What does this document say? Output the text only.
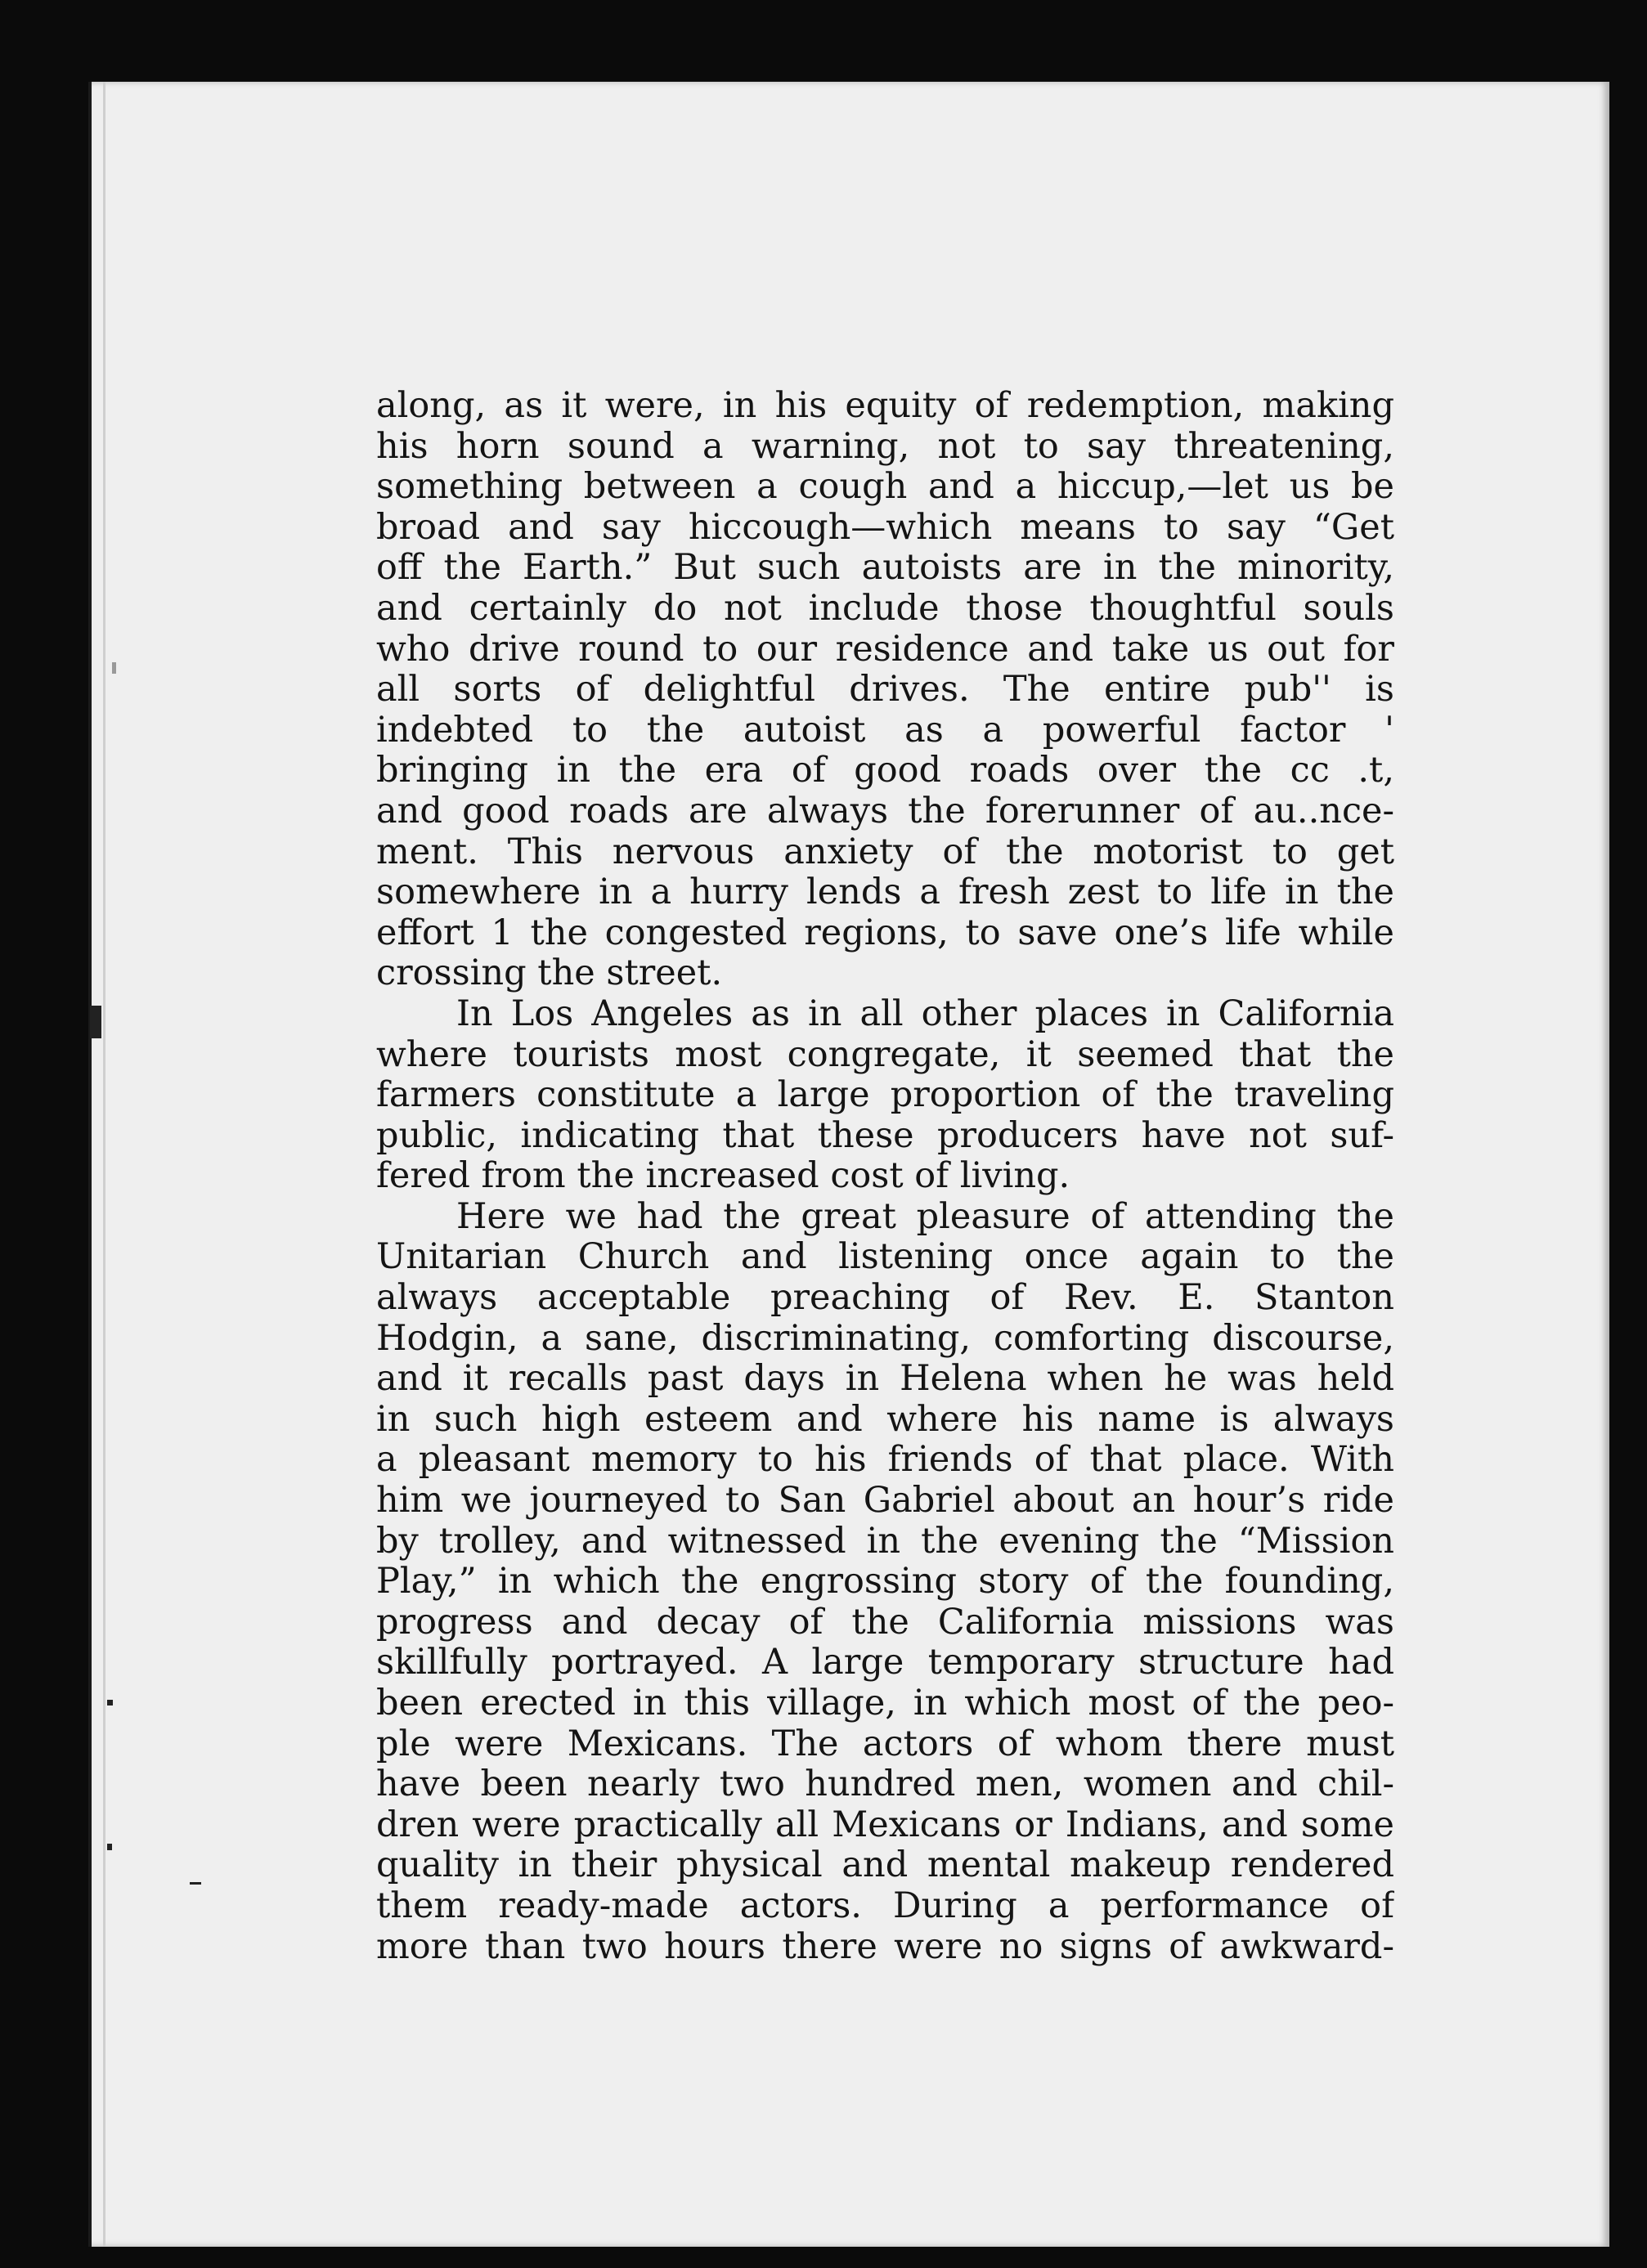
along, as it were, in his equity of redemption, making
his horn sound a warning, not to say threatening,
something between a cough and a hiccup,—let us be
broad and say hiccough—which means to say “Get
off the Earth.” But such autoists are in the minority,
and certainly do not include those thoughtful souls
who drive round to our residence and take us out for
all sorts of delightful drives. The entire pub'' is
indebted to the autoist as a powerful factor '
bringing in the era of good roads over the cc .t,
and good roads are always the forerunner of au..nce-
ment. This nervous anxiety of the motorist to get
somewhere in a hurry lends a fresh zest to life in the
effort 1 the congested regions, to save one’s life while
crossing the street.
In Los Angeles as in all other places in California
where tourists most congregate, it seemed that the
farmers constitute a large proportion of the traveling
public, indicating that these producers have not suf-
fered from the increased cost of living.
Here we had the great pleasure of attending the
Unitarian Church and listening once again to the
always acceptable preaching of Rev. E. Stanton
Hodgin, a sane, discriminating, comforting discourse,
and it recalls past days in Helena when he was held
in such high esteem and where his name is always
a pleasant memory to his friends of that place. With
him we journeyed to San Gabriel about an hour’s ride
by trolley, and witnessed in the evening the “Mission
Play,” in which the engrossing story of the founding,
progress and decay of the California missions was
skillfully portrayed. A large temporary structure had
been erected in this village, in which most of the peo-
ple were Mexicans. The actors of whom there must
have been nearly two hundred men, women and chil-
dren were practically all Mexicans or Indians, and some
quality in their physical and mental makeup rendered
them ready-made actors. During a performance of
more than two hours there were no signs of awkward-
